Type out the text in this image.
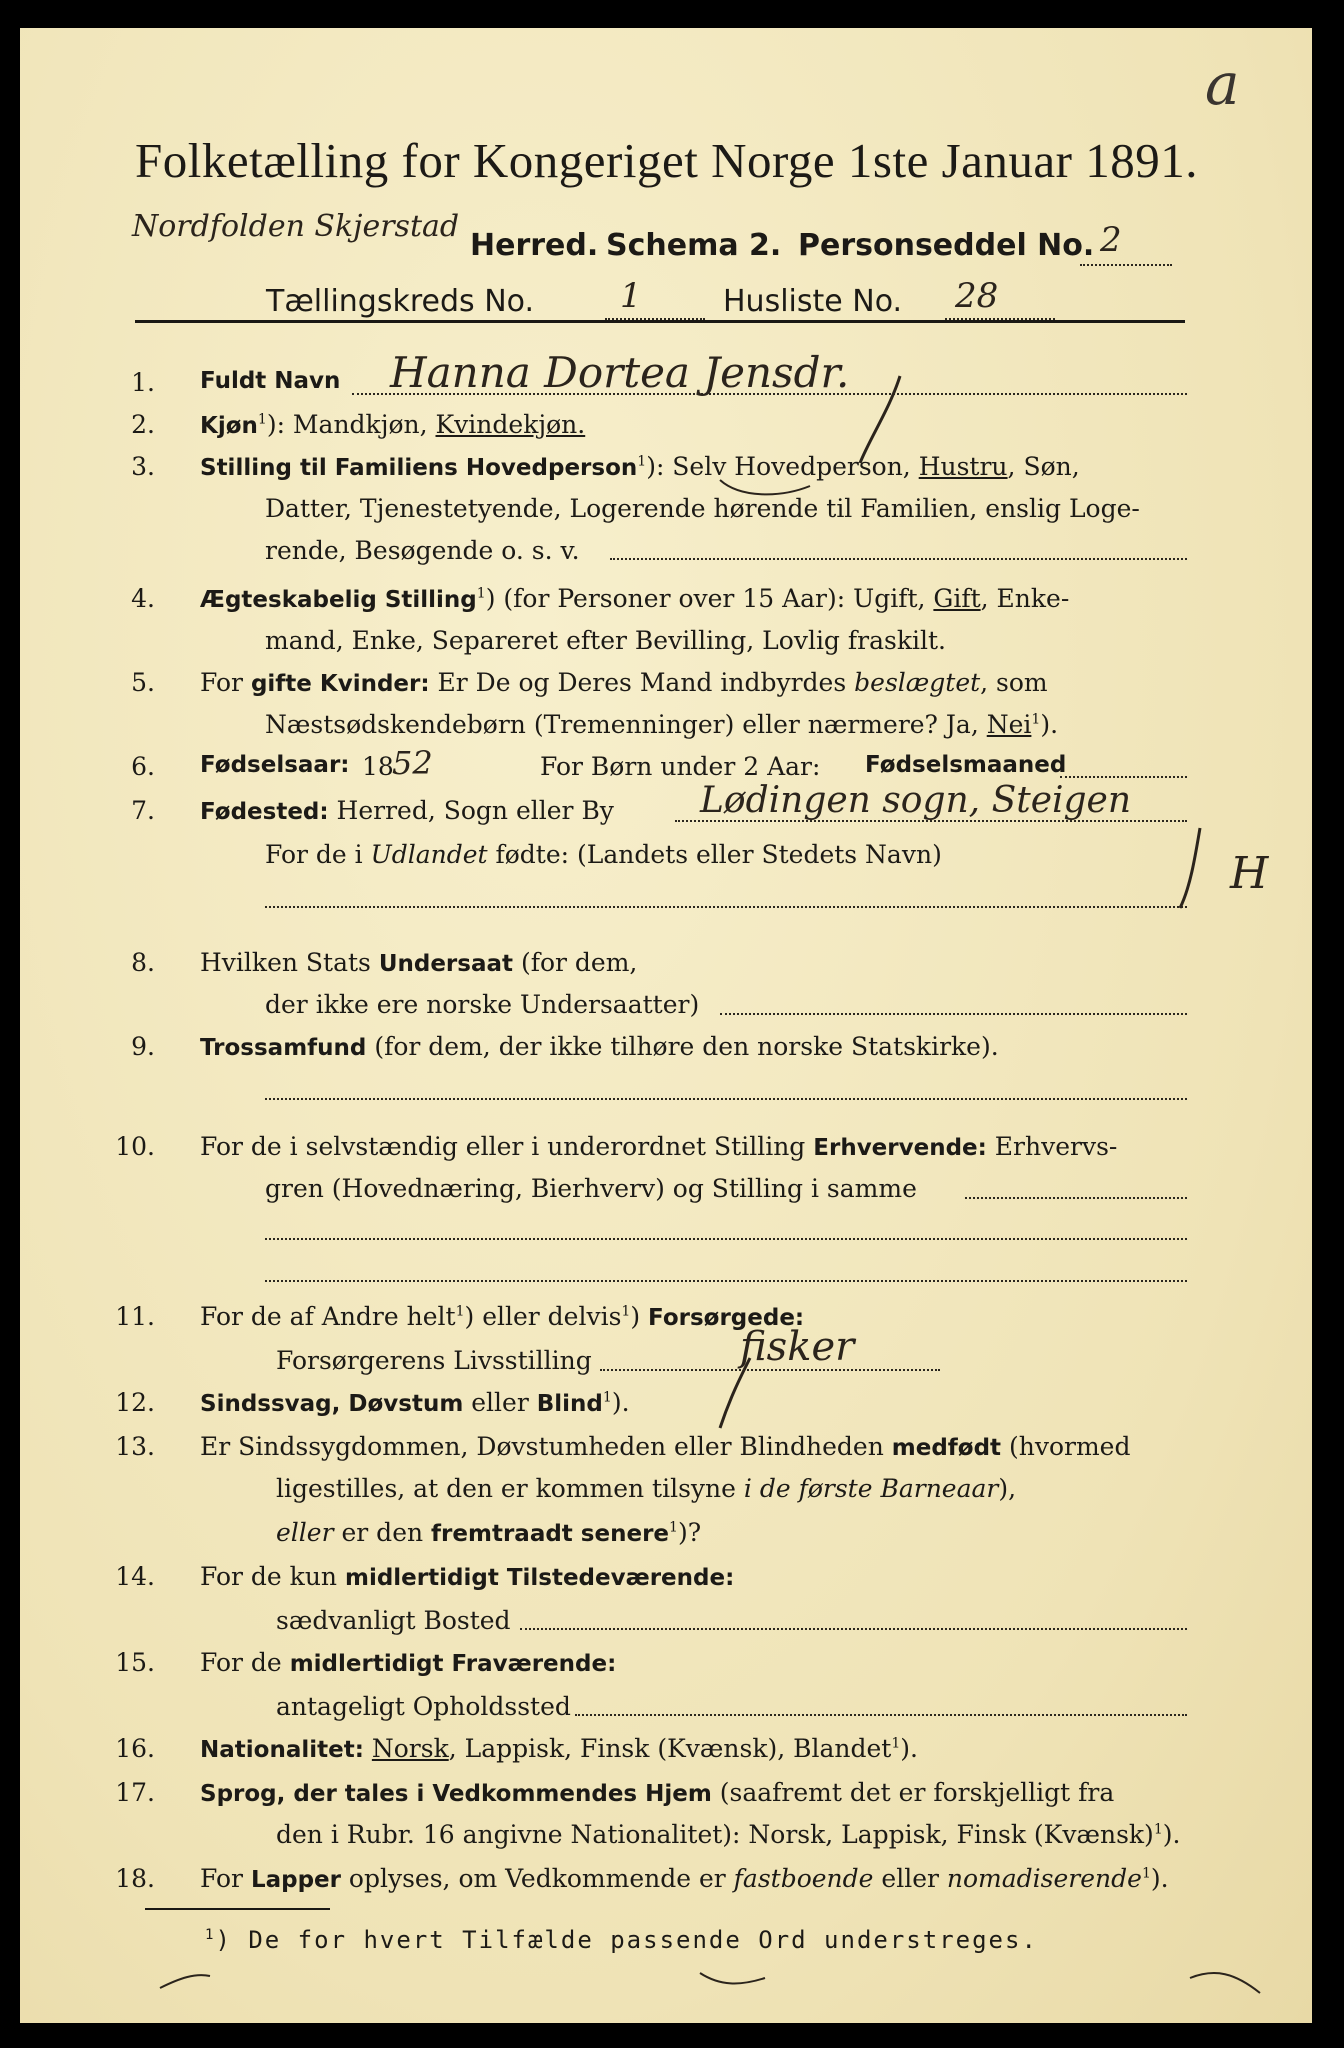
a
Folketælling for Kongeriget Norge 1ste Januar 1891.
Nordfolden Skjerstad
Herred. Schema 2. Personseddel No. 2
Tællingskreds No.	1	Husliste No. 28
1. Fuldt Navn Hanna Dortea Jensdr.
2. Kjøn$^1$): Mandkjøn, Kvindekjøn.
3. Stilling til Familiens Hovedperson$^1$): Selv Hovedperson, Hustru, Søn,
Datter, Tjenestetyende, Logerende hørende til Familien, enslig Loge-
rende, Besøgende o. s. v.
4. Ægteskabelig Stilling$^1$) (for Personer over 15 Aar): Ugift, Gift, Enke-
mand, Enke, Separeret efter Bevilling, Lovlig fraskilt.
5. For gifte Kvinder: Er De og Deres Mand indbyrdes beslægtet, som
Næstsødskendebørn (Tremenninger) eller nærmere? Ja, Nei$^1$).
6. Fødselsaar: 18
52	For Børn under 2 Aar: Fødselsmaaned
7. Fødested: Herred, Sogn eller By Lødingen sogn, Steigen
H
For de i Udlandet fødte: (Landets eller Stedets Navn)
8. Hvilken Stats Undersaat (for dem,
der ikke ere norske Undersaatter)
9. Trossamfund (for dem, der ikke tilhøre den norske Statskirke).
10. For de i selvstændig eller i underordnet Stilling Erhvervende: Erhvervs-
gren (Hovednæring, Bierhverv) og Stilling i samme
11. For de af Andre helt$^1$) eller delvis$^1$) Forsørgede:
Forsørgerens Livsstilling	fisker
12. Sindssvag, Døvstum eller Blind$^1$).
13. Er Sindssygdommen, Døvstumheden eller Blindheden medfødt (hvormed
ligestilles, at den er kommen tilsyne i de første Barneaar),
eller er den fremtraadt senere$^1$)?
14. For de kun midlertidigt Tilstedeværende:
sædvanligt Bosted
15. For de midlertidigt Fraværende:
antageligt Opholdssted
16. Nationalitet: Norsk, Lappisk, Finsk (Kvænsk), Blandet$^1$).
17. Sprog, der tales i Vedkommendes Hjem (saafremt det er forskjelligt fra
den i Rubr. 16 angivne Nationalitet): Norsk, Lappisk, Finsk (Kvænsk)$^1$).
18. For Lapper oplyses, om Vedkommende er fastboende eller nomadiserende$^1$).
$^1$) De for hvert Tilfælde passende Ord understreges.
